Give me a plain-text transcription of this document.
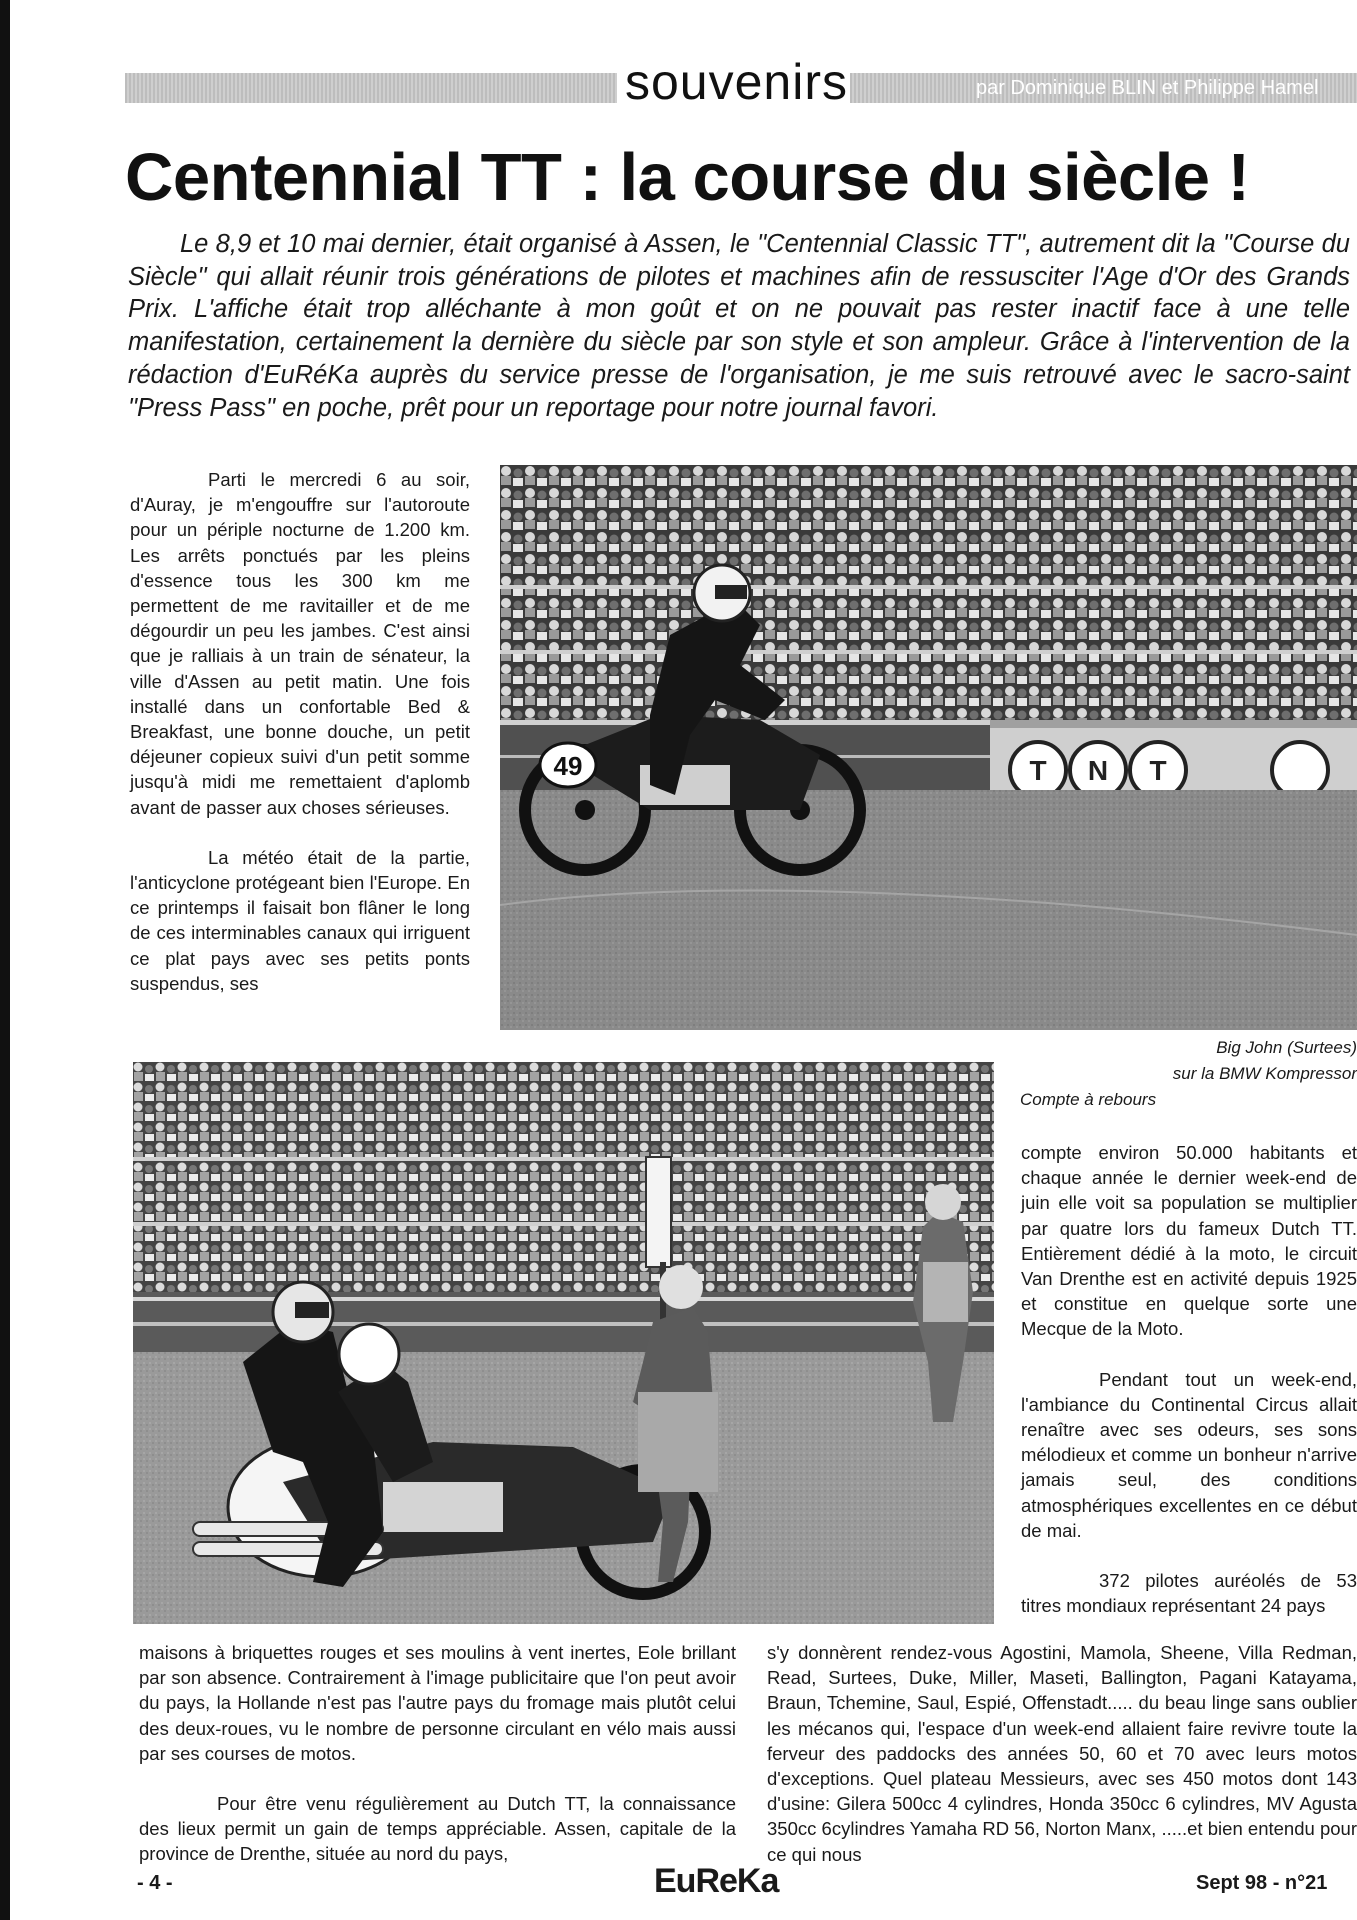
souvenirs	par Dominique BLIN et Philippe Hamel
Centennial TT : la course du siècle !
Le 8,9 et 10 mai dernier, était organisé à Assen, le "Centennial Classic TT", autrement dit la "Course du Siècle" qui allait réunir trois générations de pilotes et machines afin de ressusciter l'Age d'Or des Grands Prix. L'affiche était trop alléchante à mon goût et on ne pouvait pas rester inactif face à une telle manifestation, certainement la dernière du siècle par son style et son ampleur. Grâce à l'intervention de la rédaction d'EuRéKa auprès du service presse de l'organisation, je me suis retrouvé avec le sacro-saint "Press Pass" en poche, prêt pour un reportage pour notre journal favori.

Parti le mercredi 6 au soir, d'Auray, je m'engouffre sur l'autoroute pour un périple nocturne de 1.200 km. Les arrêts ponctués par les pleins d'essence tous les 300 km me permettent de me ravitailler et de me dégourdir un peu les jambes. C'est ainsi que je ralliais à un train de sénateur, la ville d'Assen au petit matin. Une fois installé dans un confortable Bed & Breakfast, une bonne douche, un petit déjeuner copieux suivi d'un petit somme jusqu'à midi me remettaient d'aplomb avant de passer aux choses sérieuses.

La météo était de la partie, l'anticyclone protégeant bien l'Europe. En ce printemps il faisait bon flâner le long de ces interminables canaux qui irriguent ce plat pays avec ses petits ponts suspendus, ses

T N T
49
Big John (Surtees)
sur la BMW Kompressor
Compte à rebours

compte environ 50.000 habitants et chaque année le dernier week-end de juin elle voit sa population se multiplier par quatre lors du fameux Dutch TT. Entièrement dédié à la moto, le circuit Van Drenthe est en activité depuis 1925 et constitue en quelque sorte une Mecque de la Moto.

Pendant tout un week-end, l'ambiance du Continental Circus allait renaître avec ses odeurs, ses sons mélodieux et comme un bonheur n'arrive jamais seul, des conditions atmosphériques excellentes en ce début de mai.

372 pilotes auréolés de 53 titres mondiaux représentant 24 pays

maisons à briquettes rouges et ses moulins à vent inertes, Eole brillant par son absence. Contrairement à l'image publicitaire que l'on peut avoir du pays, la Hollande n'est pas l'autre pays du fromage mais plutôt celui des deux-roues, vu le nombre de personne circulant en vélo mais aussi par ses courses de motos.

Pour être venu régulièrement au Dutch TT, la connaissance des lieux permit un gain de temps appréciable. Assen, capitale de la province de Drenthe, située au nord du pays,

s'y donnèrent rendez-vous Agostini, Mamola, Sheene, Villa Redman, Read, Surtees, Duke, Miller, Maseti, Ballington, Pagani Katayama, Braun, Tchemine, Saul, Espié, Offenstadt..... du beau linge sans oublier les mécanos qui, l'espace d'un week-end allaient faire revivre toute la ferveur des paddocks des années 50, 60 et 70 avec leurs motos d'exceptions. Quel plateau Messieurs, avec ses 450 motos dont 143 d'usine: Gilera 500cc 4 cylindres, Honda 350cc 6 cylindres, MV Agusta 350cc 6cylindres Yamaha RD 56, Norton Manx, .....et bien entendu pour ce qui nous

- 4 -	EuReKa	Sept 98 - n°21
